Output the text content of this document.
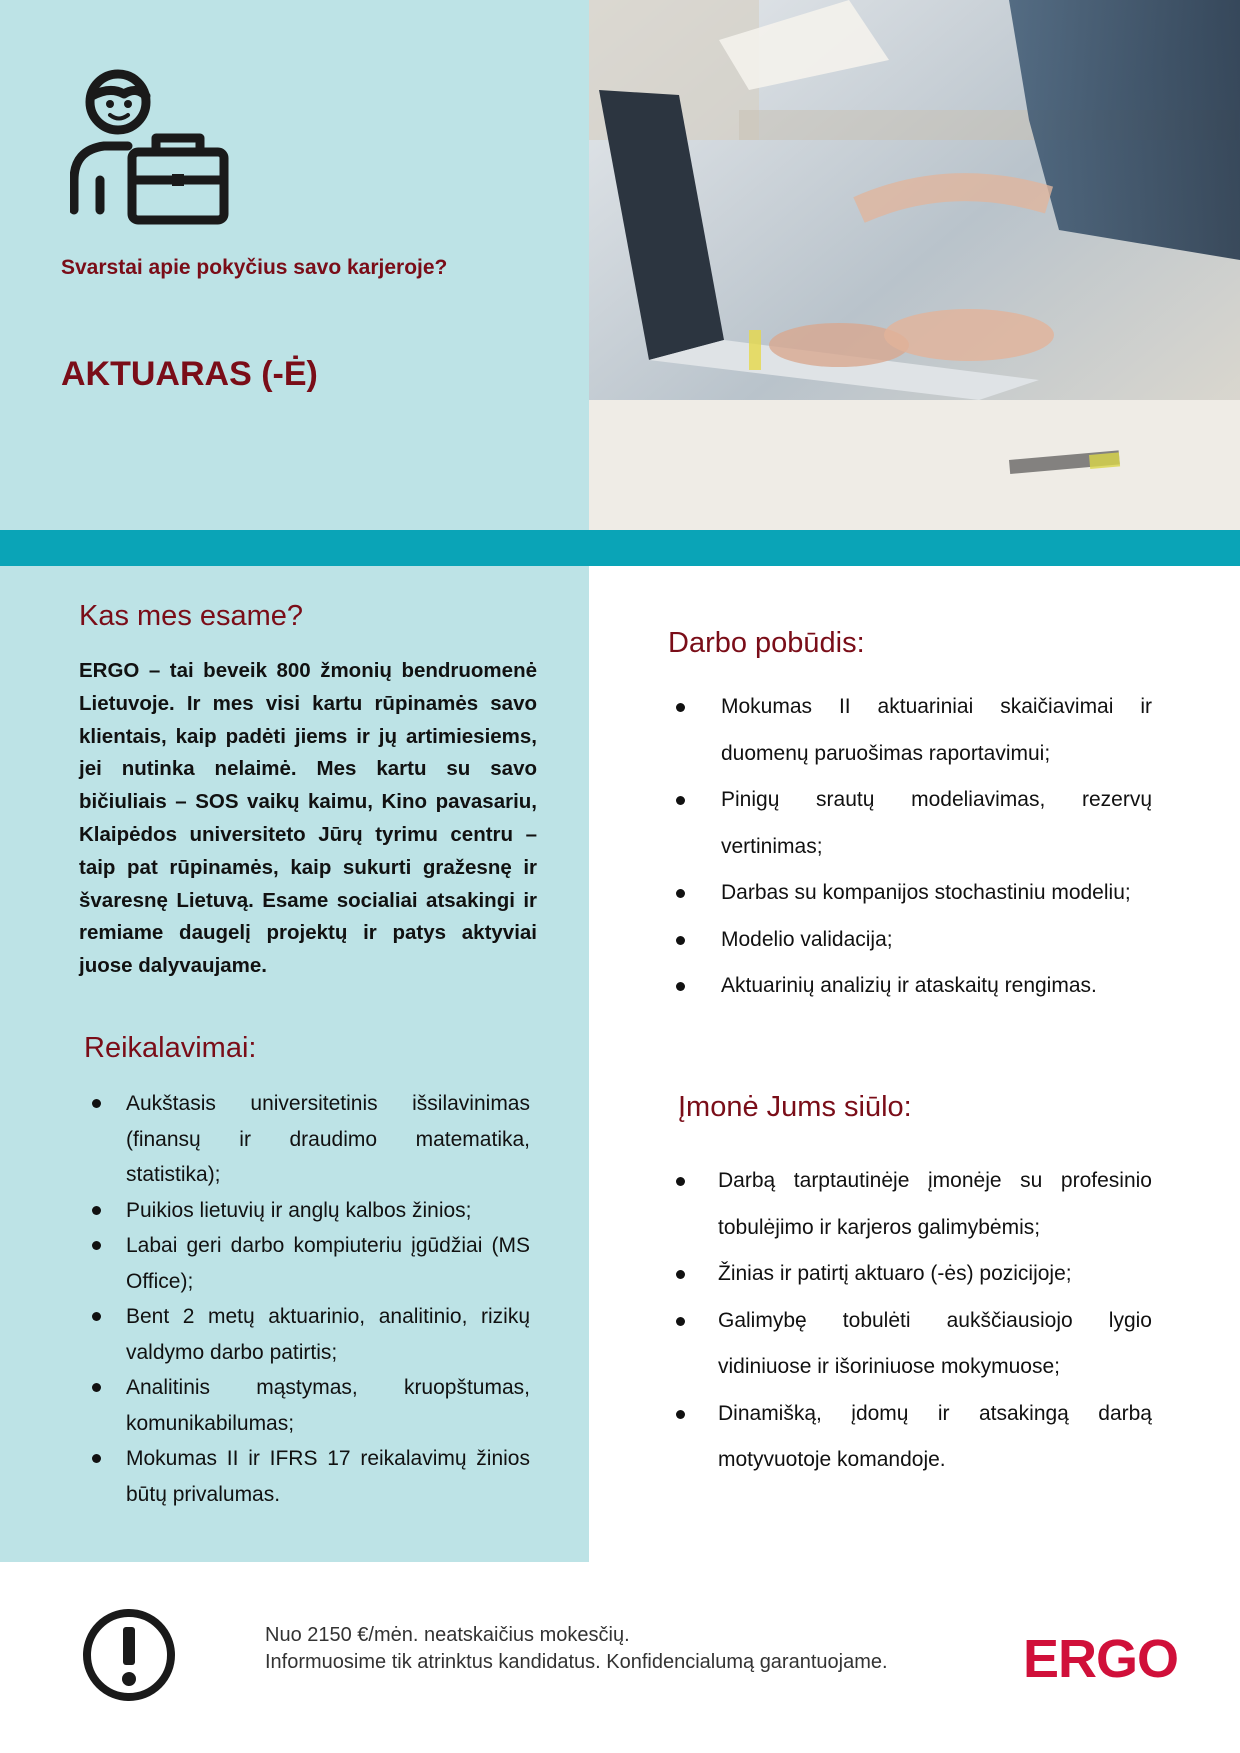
Svarstai apie pokyčius savo karjeroje?
AKTUARAS (-Ė)
Kas mes esame?
ERGO – tai beveik 800 žmonių bendruomenė Lietuvoje. Ir mes visi kartu rūpinamės savo klientais, kaip padėti jiems ir jų artimiesiems, jei nutinka nelaimė. Mes kartu su savo bičiuliais – SOS vaikų kaimu, Kino pavasariu, Klaipėdos universiteto Jūrų tyrimu centru – taip pat rūpinamės, kaip sukurti gražesnę ir švaresnę Lietuvą. Esame socialiai atsakingi ir remiame daugelį projektų ir patys aktyviai juose dalyvaujame.
Reikalavimai:
Aukštasis universitetinis išsilavinimas (finansų ir draudimo matematika, statistika);
Puikios lietuvių ir anglų kalbos žinios;
Labai geri darbo kompiuteriu įgūdžiai (MS Office);
Bent 2 metų aktuarinio, analitinio, rizikų valdymo darbo patirtis;
Analitinis mąstymas, kruopštumas, komunikabilumas;
Mokumas II ir IFRS 17 reikalavimų žinios būtų privalumas.
Darbo pobūdis:
Mokumas II aktuariniai skaičiavimai ir duomenų paruošimas raportavimui;
Pinigų srautų modeliavimas, rezervų vertinimas;
Darbas su kompanijos stochastiniu modeliu;
Modelio validacija;
Aktuarinių analizių ir ataskaitų rengimas.
Įmonė Jums siūlo:
Darbą tarptautinėje įmonėje su profesinio tobulėjimo ir karjeros galimybėmis;
Žinias ir patirtį aktuaro (-ės) pozicijoje;
Galimybę tobulėti aukščiausiojo lygio vidiniuose ir išoriniuose mokymuose;
Dinamišką, įdomų ir atsakingą darbą motyvuotoje komandoje.
Nuo 2150 €/mėn. neatskaičius mokesčių.
Informuosime tik atrinktus kandidatus. Konfidencialumą garantuojame.	ERGO
